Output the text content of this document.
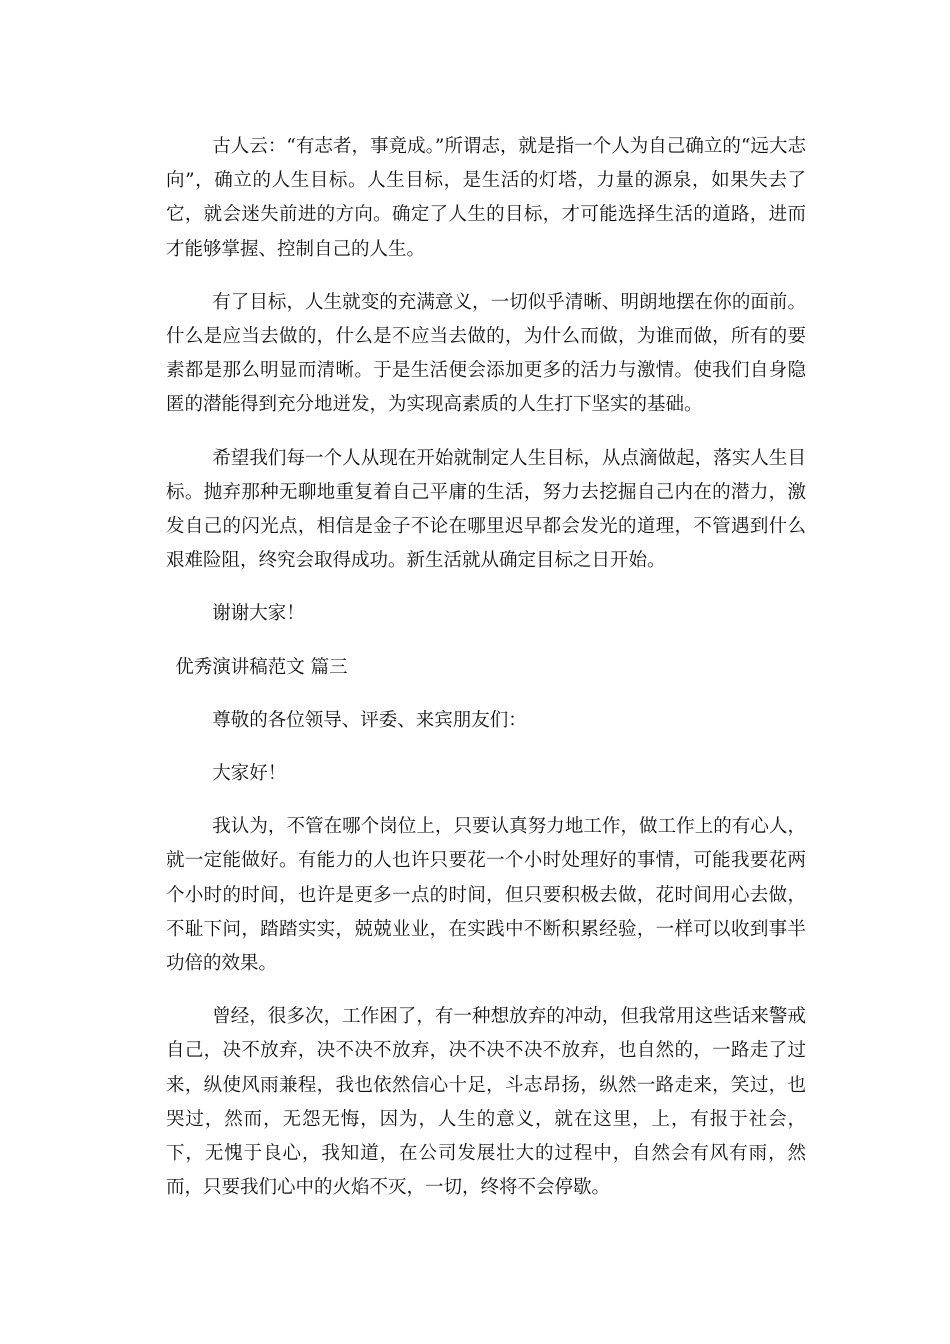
古人云：“有志者，事竟成。”所谓志，就是指一个人为自己确立的“远大志向”，确立的人生目标。人生目标，是生活的灯塔，力量的源泉，如果失去了它，就会迷失前进的方向。确定了人生的目标，才可能选择生活的道路，进而才能够掌握、控制自己的人生。

有了目标，人生就变的充满意义，一切似乎清晰、明朗地摆在你的面前。什么是应当去做的，什么是不应当去做的，为什么而做，为谁而做，所有的要素都是那么明显而清晰。于是生活便会添加更多的活力与激情。使我们自身隐匿的潜能得到充分地迸发，为实现高素质的人生打下坚实的基础。

希望我们每一个人从现在开始就制定人生目标，从点滴做起，落实人生目标。抛弃那种无聊地重复着自己平庸的生活，努力去挖掘自己内在的潜力，激发自己的闪光点，相信是金子不论在哪里迟早都会发光的道理，不管遇到什么艰难险阻，终究会取得成功。新生活就从确定目标之日开始。

谢谢大家！

优秀演讲稿范文 篇三

尊敬的各位领导、评委、来宾朋友们：

大家好！

我认为，不管在哪个岗位上，只要认真努力地工作，做工作上的有心人，就一定能做好。有能力的人也许只要花一个小时处理好的事情，可能我要花两个小时的时间，也许是更多一点的时间，但只要积极去做，花时间用心去做，不耻下问，踏踏实实，兢兢业业，在实践中不断积累经验，一样可以收到事半功倍的效果。

曾经，很多次，工作困了，有一种想放弃的冲动，但我常用这些话来警戒自己，决不放弃，决不决不放弃，决不决不决不放弃，也自然的，一路走了过来，纵使风雨兼程，我也依然信心十足，斗志昂扬，纵然一路走来，笑过，也哭过，然而，无怨无悔，因为，人生的意义，就在这里，上，有报于社会，下，无愧于良心，我知道，在公司发展壮大的过程中，自然会有风有雨，然而，只要我们心中的火焰不灭，一切，终将不会停歇。
